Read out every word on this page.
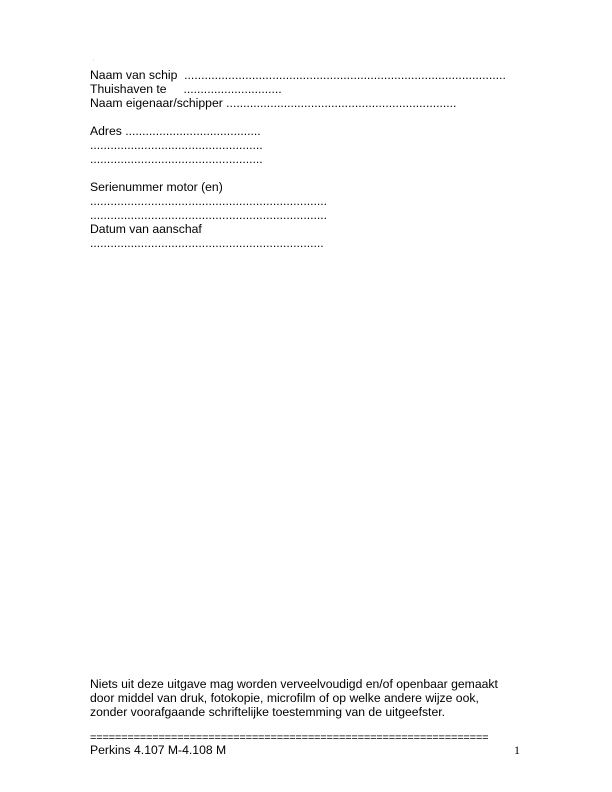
'
Naam van schip  ...............................................................................................
Thuishaven te     .............................
Naam eigenaar/schipper ....................................................................
Adres ........................................
...................................................
...................................................
Serienummer motor (en)
......................................................................
......................................................................
Datum van aanschaf
.....................................................................
Niets uit deze uitgave mag worden verveelvoudigd en/of openbaar gemaakt
door middel van druk, fotokopie, microfilm of op welke andere wijze ook,
zonder voorafgaande schriftelijke toestemming van de uitgeefster.
================================================================
Perkins 4.107 M-4.108 M	1
